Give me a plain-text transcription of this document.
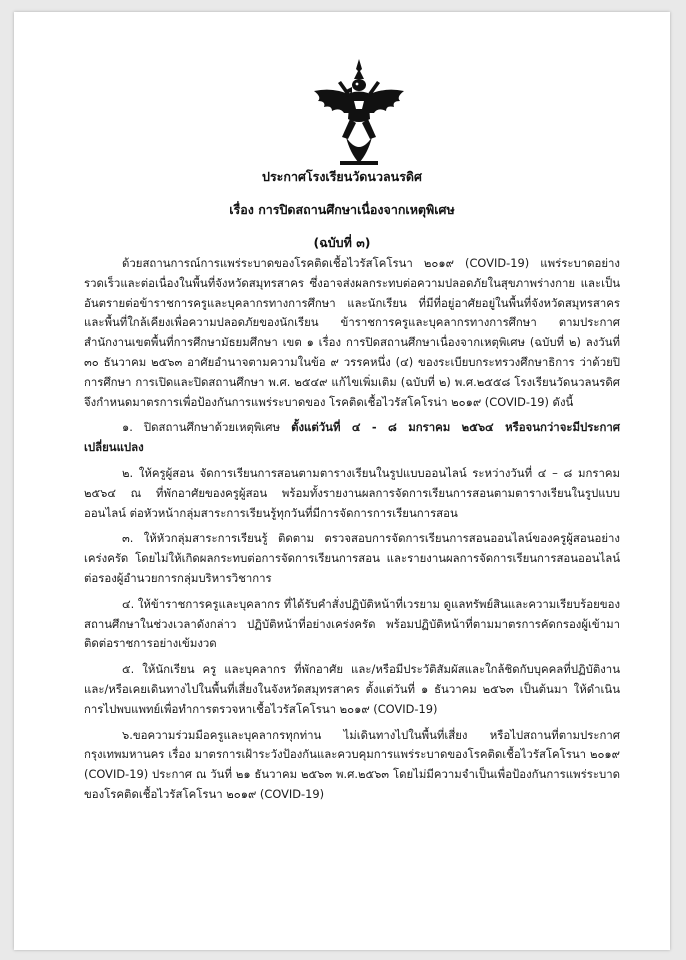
ประกาศโรงเรียนวัดนวลนรดิศ
เรื่อง การปิดสถานศึกษาเนื่องจากเหตุพิเศษ
(ฉบับที่ ๓)

ด้วยสถานการณ์การแพร่ระบาดของโรคติดเชื้อไวรัสโคโรนา ๒๐๑๙ (COVID-19) แพร่ระบาดอย่างรวดเร็วและต่อเนื่องในพื้นที่จังหวัดสมุทรสาคร ซึ่งอาจส่งผลกระทบต่อความปลอดภัยในสุขภาพร่างกาย และเป็นอันตรายต่อข้าราชการครูและบุคลากรทางการศึกษา และนักเรียน ที่มีที่อยู่อาศัยอยู่ในพื้นที่จังหวัดสมุทรสาคร และพื้นที่ใกล้เคียงเพื่อความปลอดภัยของนักเรียน ข้าราชการครูและบุคลากรทางการศึกษา ตามประกาศสำนักงานเขตพื้นที่การศึกษามัธยมศึกษา เขต ๑ เรื่อง การปิดสถานศึกษาเนื่องจากเหตุพิเศษ (ฉบับที่ ๒) ลงวันที่ ๓๐ ธันวาคม ๒๕๖๓ อาศัยอำนาจตามความในข้อ ๙ วรรคหนึ่ง (๔) ของระเบียบกระทรวงศึกษาธิการ ว่าด้วยปิการศึกษา การเปิดและปิดสถานศึกษา พ.ศ. ๒๕๔๙ แก้ไขเพิ่มเติม (ฉบับที่ ๒) พ.ศ.๒๕๕๘ โรงเรียนวัดนวลนรดิศ จึงกำหนดมาตรการเพื่อป้องกันการแพร่ระบาดของ โรคติดเชื้อไวรัสโคโรน่า ๒๐๑๙ (COVID-19) ดังนี้

๑. ปิดสถานศึกษาด้วยเหตุพิเศษ ตั้งแต่วันที่ ๔ - ๘ มกราคม ๒๕๖๔ หรือจนกว่าจะมีประกาศเปลี่ยนแปลง

๒. ให้ครูผู้สอน จัดการเรียนการสอนตามตารางเรียนในรูปแบบออนไลน์ ระหว่างวันที่ ๔ – ๘ มกราคม ๒๕๖๔ ณ ที่พักอาศัยของครูผู้สอน พร้อมทั้งรายงานผลการจัดการเรียนการสอนตามตารางเรียนในรูปแบบออนไลน์ ต่อหัวหน้ากลุ่มสาระการเรียนรู้ทุกวันที่มีการจัดการการเรียนการสอน

๓. ให้หัวกลุ่มสาระการเรียนรู้ ติดตาม ตรวจสอบการจัดการเรียนการสอนออนไลน์ของครูผู้สอนอย่างเคร่งครัด โดยไม่ให้เกิดผลกระทบต่อการจัดการเรียนการสอน และรายงานผลการจัดการเรียนการสอนออนไลน์ต่อรองผู้อำนวยการกลุ่มบริหารวิชาการ

๔. ให้ข้าราชการครูและบุคลากร ที่ได้รับคำสั่งปฏิบัติหน้าที่เวรยาม ดูแลทรัพย์สินและความเรียบร้อยของสถานศึกษาในช่วงเวลาดังกล่าว ปฏิบัติหน้าที่อย่างเคร่งครัด พร้อมปฏิบัติหน้าที่ตามมาตรการคัดกรองผู้เข้ามาติดต่อราชการอย่างเข้มงวด

๕. ให้นักเรียน ครู และบุคลากร ที่พักอาศัย และ/หรือมีประวัติสัมผัสและใกล้ชิดกับบุคคลที่ปฏิบัติงาน และ/หรือเคยเดินทางไปในพื้นที่เสี่ยงในจังหวัดสมุทรสาคร ตั้งแต่วันที่ ๑ ธันวาคม ๒๕๖๓ เป็นต้นมา ให้ดำเนินการไปพบแพทย์เพื่อทำการตรวจหาเชื้อไวรัสโคโรนา ๒๐๑๙ (COVID-19)

๖.ขอความร่วมมือครูและบุคลากรทุกท่าน ไม่เดินทางไปในพื้นที่เสี่ยง หรือไปสถานที่ตามประกาศกรุงเทพมหานคร เรื่อง มาตรการเฝ้าระวังป้องกันและควบคุมการแพร่ระบาดของโรคติดเชื้อไวรัสโคโรนา ๒๐๑๙ (COVID-19) ประกาศ ณ วันที่ ๒๑ ธันวาคม ๒๕๖๓ พ.ศ.๒๕๖๓ โดยไม่มีความจำเป็นเพื่อป้องกันการแพร่ระบาดของโรคติดเชื้อไวรัสโคโรนา ๒๐๑๙ (COVID-19)
